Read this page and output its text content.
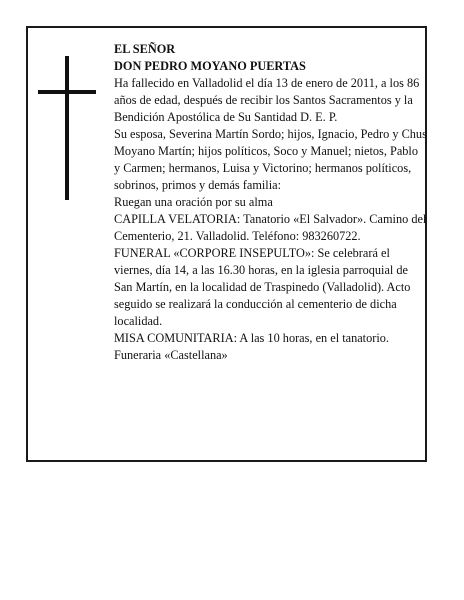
EL SEÑOR

DON PEDRO MOYANO PUERTAS

Ha fallecido en Valladolid el día 13 de enero de 2011, a los 86 años de edad, después de recibir los Santos Sacramentos y la Bendición Apostólica de Su Santidad D. E. P.

Su esposa, Severina Martín Sordo; hijos, Ignacio, Pedro y Chus Moyano Martín; hijos políticos, Soco y Manuel; nietos, Pablo y Carmen; hermanos, Luisa y Victorino; hermanos políticos, sobrinos, primos y demás familia:

Ruegan una oración por su alma

CAPILLA VELATORIA: Tanatorio «El Salvador». Camino del Cementerio, 21. Valladolid. Teléfono: 983260722.

FUNERAL «CORPORE INSEPULTO»: Se celebrará el viernes, día 14, a las 16.30 horas, en la iglesia parroquial de San Martín, en la localidad de Traspinedo (Valladolid). Acto seguido se realizará la conducción al cementerio de dicha localidad.

MISA COMUNITARIA: A las 10 horas, en el tanatorio.

Funeraria «Castellana»
